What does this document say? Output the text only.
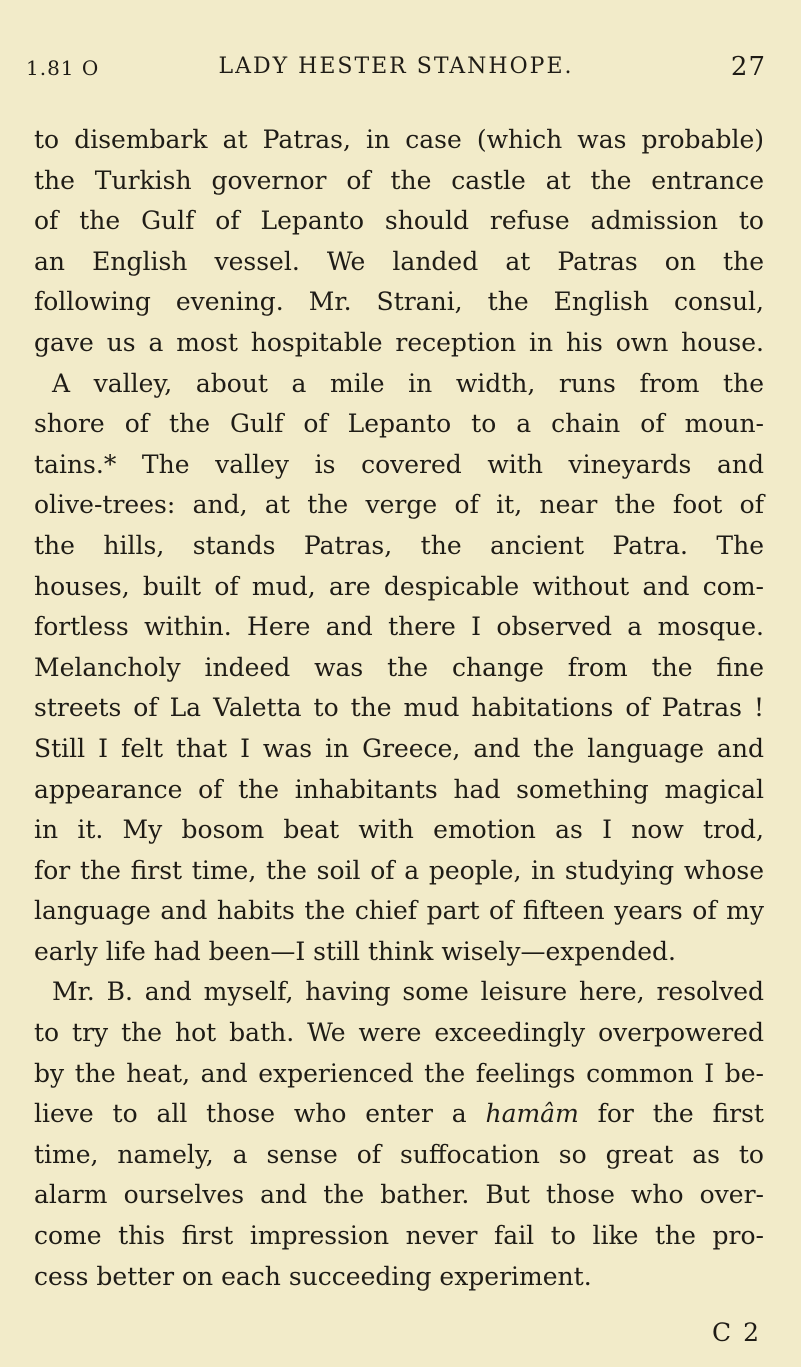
1.81 O	LADY HESTER STANHOPE.	27
to disembark at Patras, in case (which was probable)
the Turkish governor of the castle at the entrance
of the Gulf of Lepanto should refuse admission to
an English vessel. We landed at Patras on the
following evening. Mr. Strani, the English consul,
gave us a most hospitable reception in his own house.
A valley, about a mile in width, runs from the
shore of the Gulf of Lepanto to a chain of moun-
tains.* The valley is covered with vineyards and
olive-trees: and, at the verge of it, near the foot of
the hills, stands Patras, the ancient Patra. The
houses, built of mud, are despicable without and com-
fortless within. Here and there I observed a mosque.
Melancholy indeed was the change from the fine
streets of La Valetta to the mud habitations of Patras !
Still I felt that I was in Greece, and the language and
appearance of the inhabitants had something magical
in it. My bosom beat with emotion as I now trod,
for the first time, the soil of a people, in studying whose
language and habits the chief part of fifteen years of my
early life had been—I still think wisely—expended.
Mr. B. and myself, having some leisure here, resolved
to try the hot bath. We were exceedingly overpowered
by the heat, and experienced the feelings common I be-
lieve to all those who enter a hamâm for the first
time, namely, a sense of suffocation so great as to
alarm ourselves and the bather. But those who over-
come this first impression never fail to like the pro-
cess better on each succeeding experiment.
C 2
